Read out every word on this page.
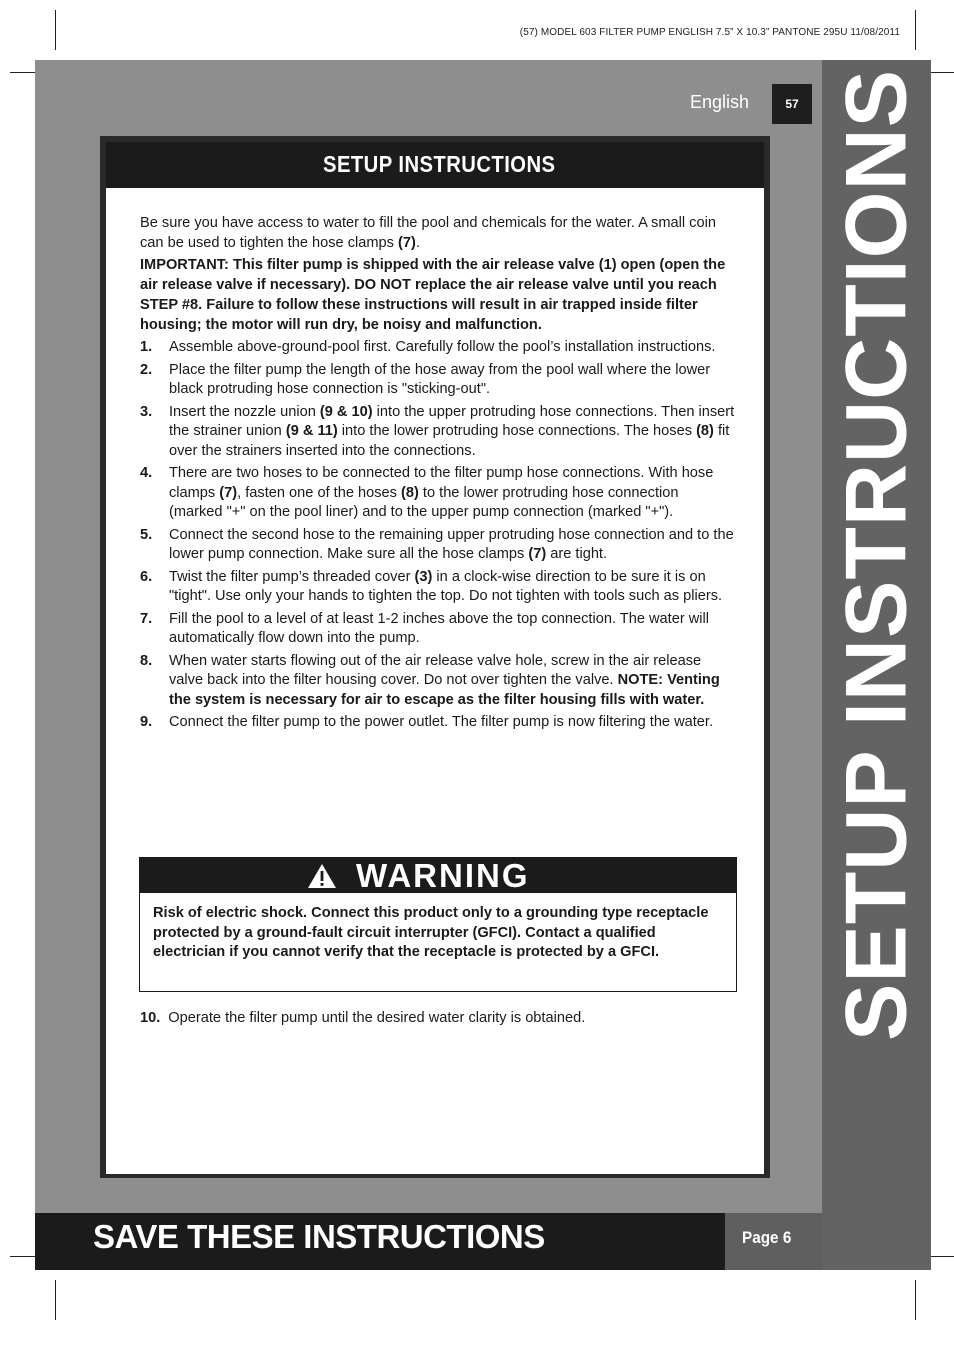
(57) MODEL 603 FILTER PUMP ENGLISH 7.5” X 10.3” PANTONE 295U 11/08/2011
SETUP INSTRUCTIONS
English	57
SETUP INSTRUCTIONS

Be sure you have access to water to fill the pool and chemicals for the water. A small coin can be used to tighten the hose clamps (7).

IMPORTANT: This filter pump is shipped with the air release valve (1) open (open the air release valve if necessary). DO NOT replace the air release valve until you reach STEP #8. Failure to follow these instructions will result in air trapped inside filter housing; the motor will run dry, be noisy and malfunction.

1. Assemble above-ground-pool first. Carefully follow the pool’s installation instructions.
2. Place the filter pump the length of the hose away from the pool wall where the lower black protruding hose connection is "sticking-out".
3. Insert the nozzle union (9 & 10) into the upper protruding hose connections. Then insert the strainer union (9 & 11) into the lower protruding hose connections. The hoses (8) fit over the strainers inserted into the connections.
4. There are two hoses to be connected to the filter pump hose connections. With hose clamps (7), fasten one of the hoses (8) to the lower protruding hose connection (marked "+" on the pool liner) and to the upper pump connection (marked "+").
5. Connect the second hose to the remaining upper protruding hose connection and to the lower pump connection. Make sure all the hose clamps (7) are tight.
6. Twist the filter pump’s threaded cover (3) in a clock-wise direction to be sure it is on "tight". Use only your hands to tighten the top. Do not tighten with tools such as pliers.
7. Fill the pool to a level of at least 1-2 inches above the top connection. The water will automatically flow down into the pump.
8. When water starts flowing out of the air release valve hole, screw in the air release valve back into the filter housing cover. Do not over tighten the valve. NOTE: Venting the system is necessary for air to escape as the filter housing fills with water.
9. Connect the filter pump to the power outlet. The filter pump is now filtering the water.
WARNING
Risk of electric shock. Connect this product only to a grounding type receptacle protected by a ground-fault circuit interrupter (GFCI). Contact a qualified electrician if you cannot verify that the receptacle is protected by a GFCI.
10. Operate the filter pump until the desired water clarity is obtained.
SAVE THESE INSTRUCTIONS	Page 6
